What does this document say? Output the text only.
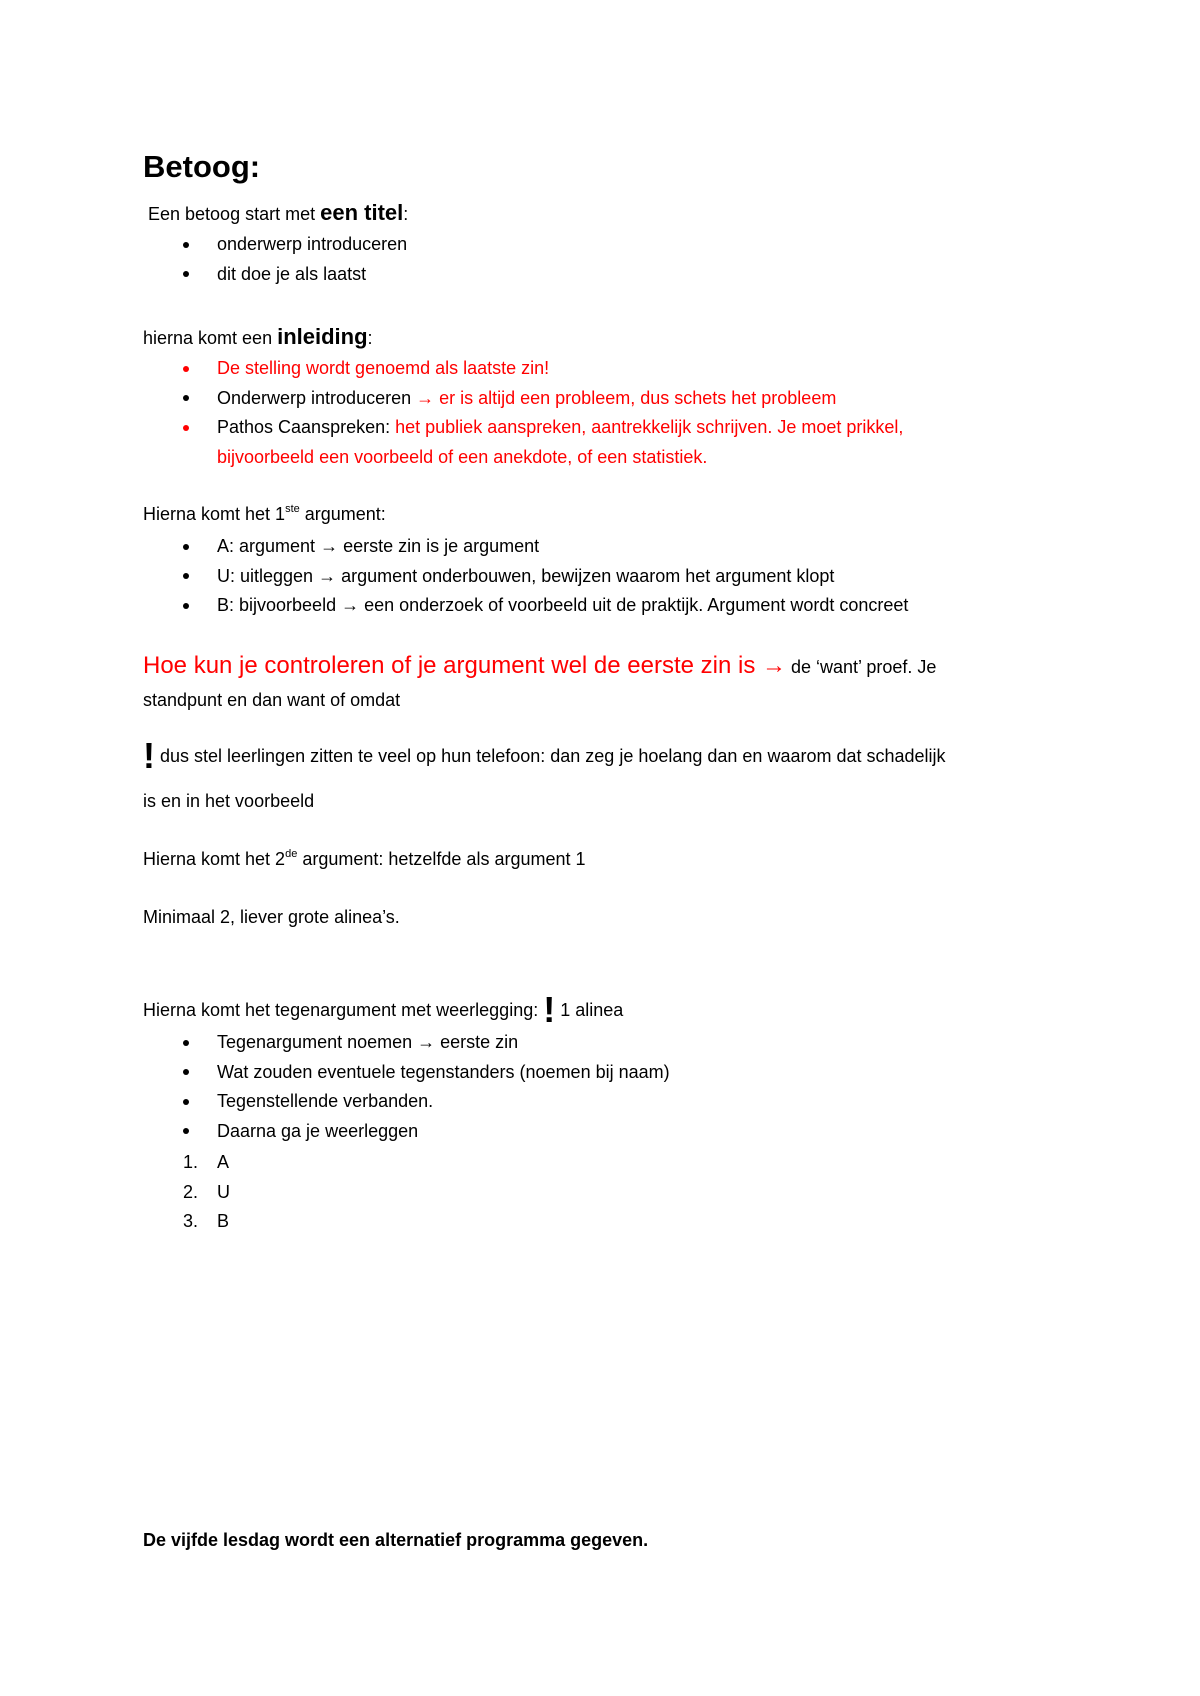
Betoog:
Een betoog start met een titel:
onderwerp introduceren
dit doe je als laatst
hierna komt een inleiding:
De stelling wordt genoemd als laatste zin!
Onderwerp introduceren → er is altijd een probleem, dus schets het probleem
Pathos Caanspreken: het publiek aanspreken, aantrekkelijk schrijven. Je moet prikkel, bijvoorbeeld een voorbeeld of een anekdote, of een statistiek.
Hierna komt het 1ste argument:
A: argument → eerste zin is je argument
U: uitleggen → argument onderbouwen, bewijzen waarom het argument klopt
B: bijvoorbeeld → een onderzoek of voorbeeld uit de praktijk. Argument wordt concreet
Hoe kun je controleren of je argument wel de eerste zin is → de ‘want’ proef. Je
standpunt en dan want of omdat
! dus stel leerlingen zitten te veel op hun telefoon: dan zeg je hoelang dan en waarom dat schadelijk
is en in het voorbeeld
Hierna komt het 2de argument: hetzelfde als argument 1
Minimaal 2, liever grote alinea’s.
Hierna komt het tegenargument met weerlegging: ! 1 alinea
Tegenargument noemen → eerste zin
Wat zouden eventuele tegenstanders (noemen bij naam)
Tegenstellende verbanden.
Daarna ga je weerleggen
1. A
2. U
3. B
De vijfde lesdag wordt een alternatief programma gegeven.
